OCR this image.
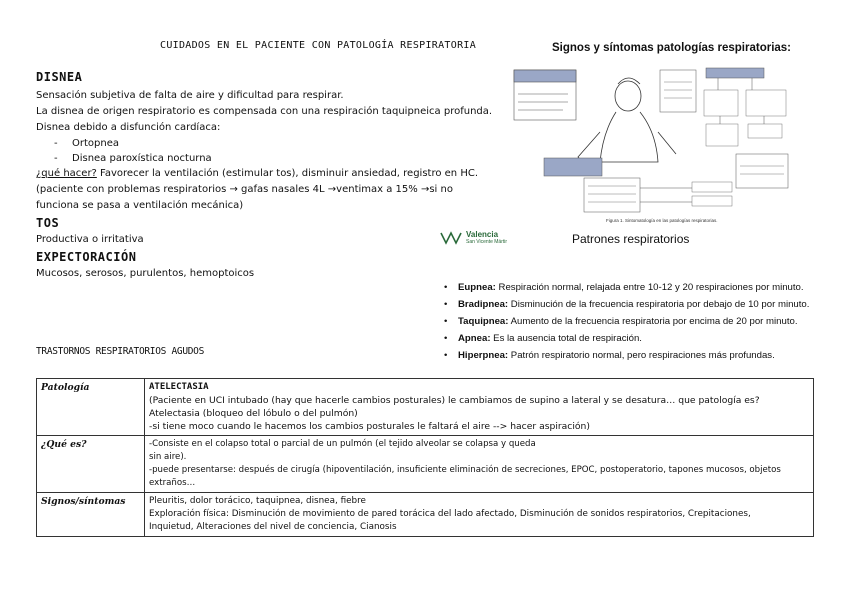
CUIDADOS EN EL PACIENTE CON PATOLOGÍA RESPIRATORIA
DISNEA
Sensación subjetiva de falta de aire y dificultad para respirar.
La disnea de origen respiratorio es compensada con una respiración taquipneica profunda.
Disnea debido a disfunción cardíaca:
- Ortopnea
- Disnea paroxística nocturna
¿qué hacer? Favorecer la ventilación (estimular tos), disminuir ansiedad, registro en HC.
(paciente con problemas respiratorios → gafas nasales 4L →ventimax a 15% →si no
funciona se pasa a ventilación mecánica)
TOS
Productiva o irritativa
EXPECTORACIÓN
Mucosos, serosos, purulentos, hemoptoicos
Signos y síntomas patologías respiratorias:
Figura 1. Sintomatología en las patologías respiratorias.
Valencia
San Vicente Mártir	Patrones respiratorios
• Eupnea: Respiración normal, relajada entre 10-12 y 20 respiraciones por minuto.
• Bradipnea: Disminución de la frecuencia respiratoria por debajo de 10 por minuto.
• Taquipnea: Aumento de la frecuencia respiratoria por encima de 20 por minuto.
• Apnea: Es la ausencia total de respiración.
• Hiperpnea: Patrón respiratorio normal, pero respiraciones más profundas.
TRASTORNOS RESPIRATORIOS AGUDOS
Patología	ATELECTASIA
(Paciente en UCI intubado (hay que hacerle cambios posturales) le cambiamos de supino a lateral y se desatura… que patología es?
Atelectasia (bloqueo del lóbulo o del pulmón)
-si tiene moco cuando le hacemos los cambios posturales le faltará el aire --> hacer aspiración)

¿Qué es?	-Consiste en el colapso total o parcial de un pulmón (el tejido alveolar se colapsa y queda
sin aire).
-puede presentarse: después de cirugía (hipoventilación, insuficiente eliminación de secreciones, EPOC, postoperatorio, tapones mucosos, objetos
extraños…

Signos/síntomas	Pleuritis, dolor torácico, taquipnea, disnea, fiebre
Exploración física: Disminución de movimiento de pared torácica del lado afectado, Disminución de sonidos respiratorios, Crepitaciones,
Inquietud, Alteraciones del nivel de conciencia, Cianosis
